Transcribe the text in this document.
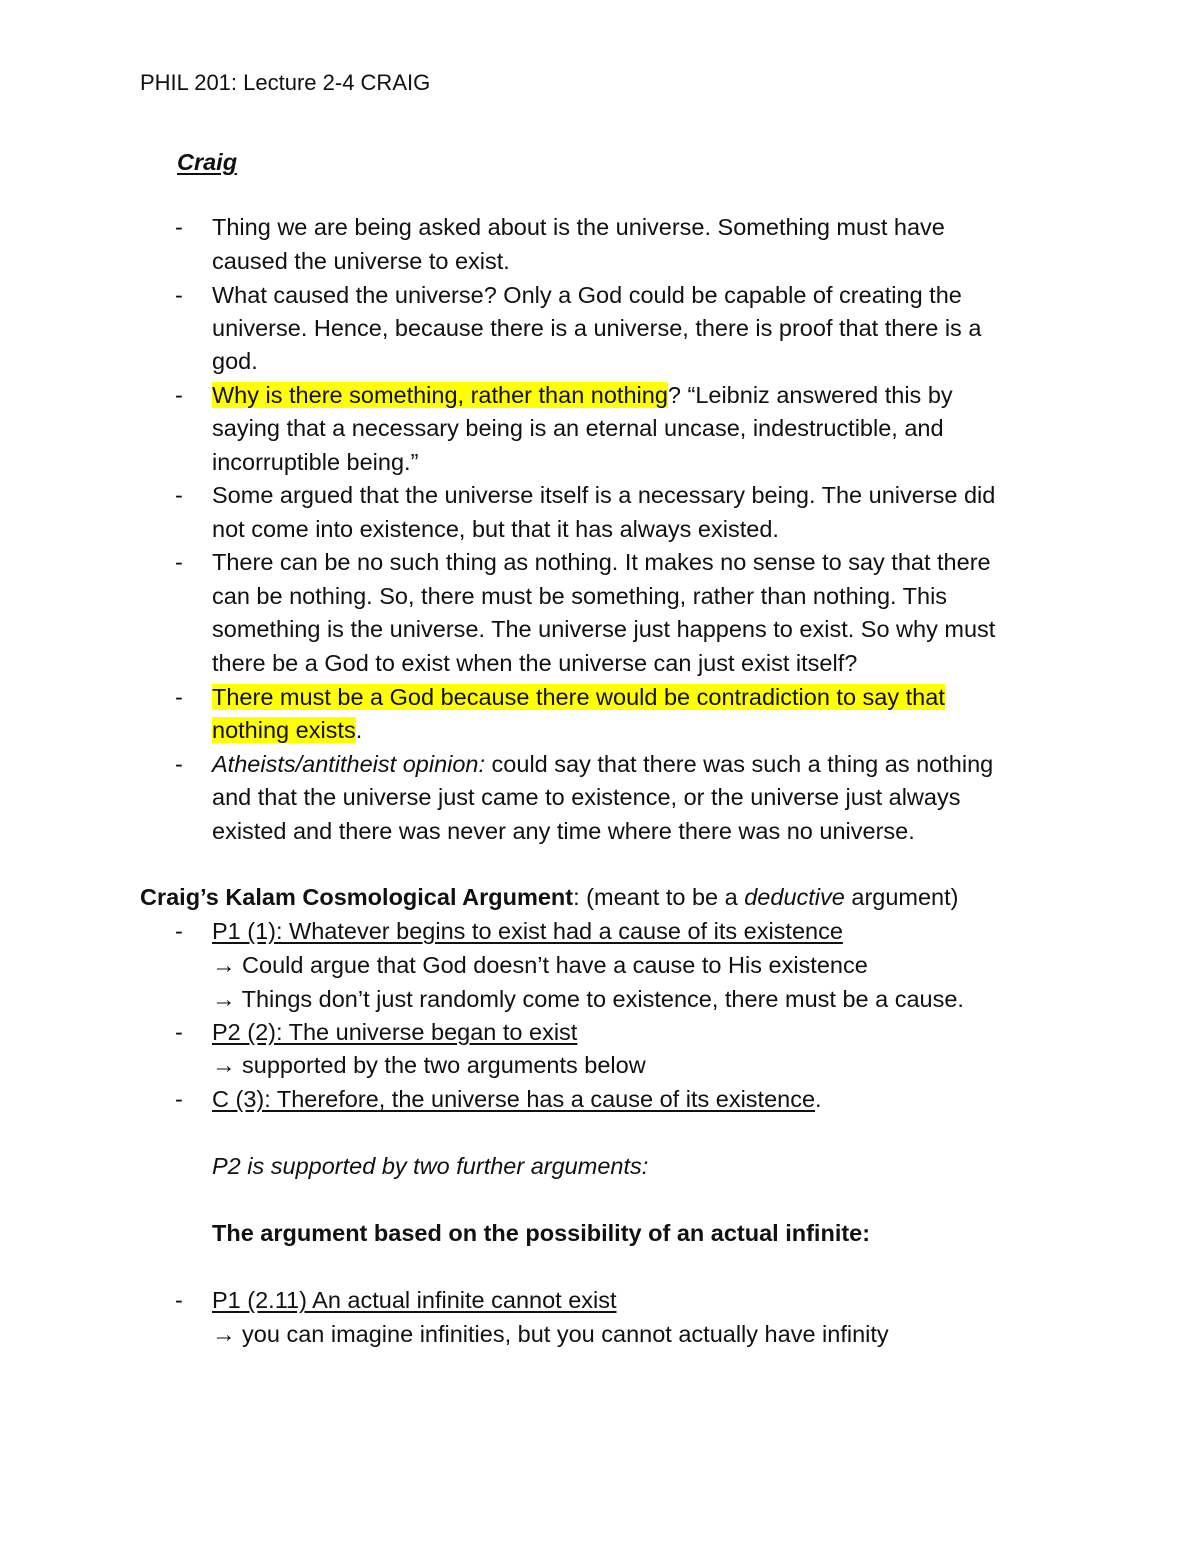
PHIL 201: Lecture 2-4 CRAIG
Craig
- Thing we are being asked about is the universe. Something must have
caused the universe to exist.
- What caused the universe? Only a God could be capable of creating the
universe. Hence, because there is a universe, there is proof that there is a
god.
- Why is there something, rather than nothing? “Leibniz answered this by
saying that a necessary being is an eternal uncase, indestructible, and
incorruptible being.”
- Some argued that the universe itself is a necessary being. The universe did
not come into existence, but that it has always existed.
- There can be no such thing as nothing. It makes no sense to say that there
can be nothing. So, there must be something, rather than nothing. This
something is the universe. The universe just happens to exist. So why must
there be a God to exist when the universe can just exist itself?
- There must be a God because there would be contradiction to say that
nothing exists.
- Atheists/antitheist opinion: could say that there was such a thing as nothing
and that the universe just came to existence, or the universe just always
existed and there was never any time where there was no universe.
Craig’s Kalam Cosmological Argument: (meant to be a deductive argument)
- P1 (1): Whatever begins to exist had a cause of its existence
→ Could argue that God doesn’t have a cause to His existence
→ Things don’t just randomly come to existence, there must be a cause.
- P2 (2): The universe began to exist
→ supported by the two arguments below
- C (3): Therefore, the universe has a cause of its existence.
P2 is supported by two further arguments:
The argument based on the possibility of an actual infinite:
- P1 (2.11) An actual infinite cannot exist
→ you can imagine infinities, but you cannot actually have infinity
